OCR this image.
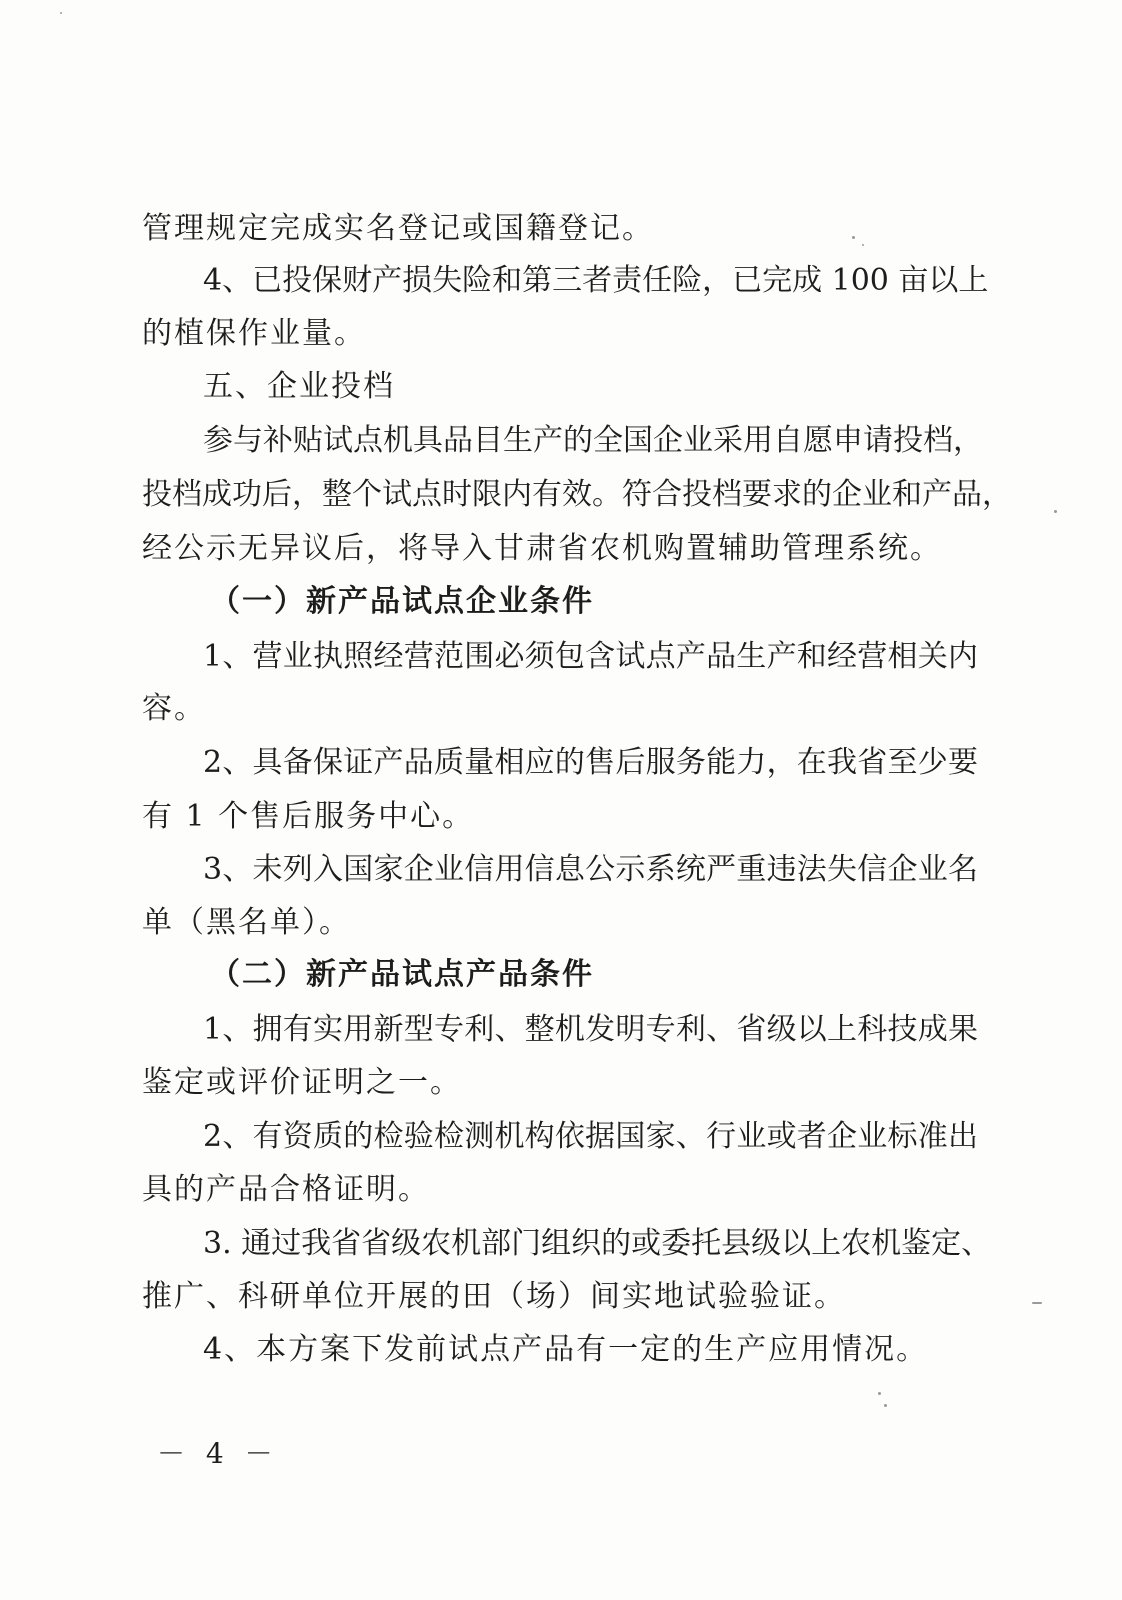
管理规定完成实名登记或国籍登记。
4、已投保财产损失险和第三者责任险，已完成 100 亩以上
的植保作业量。
五、企业投档
参与补贴试点机具品目生产的全国企业采用自愿申请投档，
投档成功后，整个试点时限内有效。符合投档要求的企业和产品，
经公示无异议后，将导入甘肃省农机购置辅助管理系统。
（一）新产品试点企业条件
1、营业执照经营范围必须包含试点产品生产和经营相关内
容。
2、具备保证产品质量相应的售后服务能力，在我省至少要
有 1 个售后服务中心。
3、未列入国家企业信用信息公示系统严重违法失信企业名
单（黑名单）。
（二）新产品试点产品条件
1、拥有实用新型专利、整机发明专利、省级以上科技成果
鉴定或评价证明之一。
2、有资质的检验检测机构依据国家、行业或者企业标准出
具的产品合格证明。
3. 通过我省省级农机部门组织的或委托县级以上农机鉴定、
推广、科研单位开展的田（场）间实地试验验证。
4、本方案下发前试点产品有一定的生产应用情况。
－ 4 －
